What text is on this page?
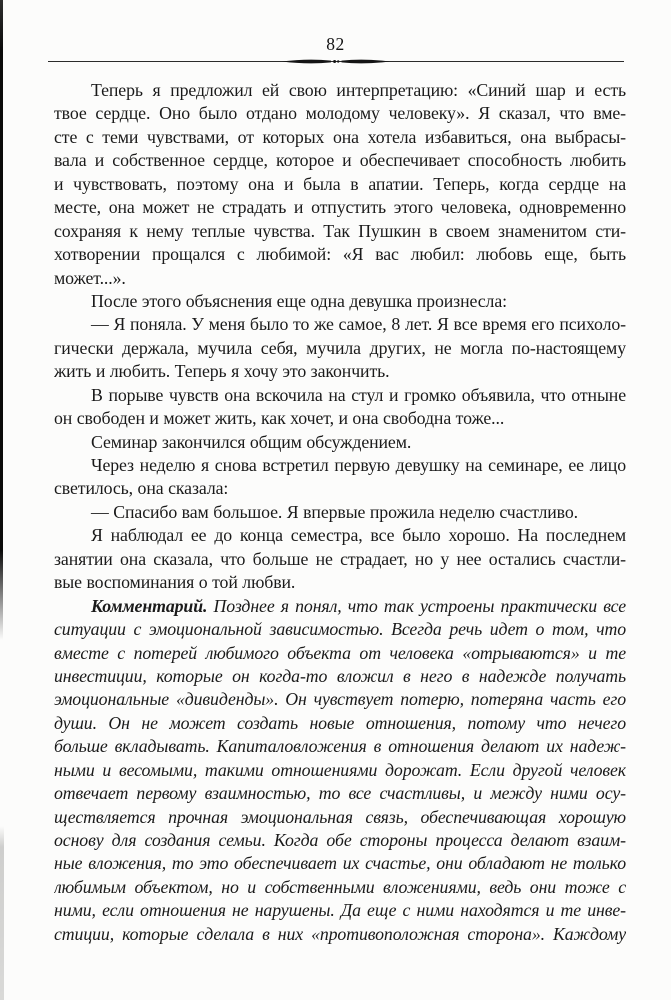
82
Теперь я предложил ей свою интерпретацию: «Синий шар и есть
твое сердце. Оно было отдано молодому человеку». Я сказал, что вме-
сте с теми чувствами, от которых она хотела избавиться, она выбрасы-
вала и собственное сердце, которое и обеспечивает способность любить
и чувствовать, поэтому она и была в апатии. Теперь, когда сердце на
месте, она может не страдать и отпустить этого человека, одновременно
сохраняя к нему теплые чувства. Так Пушкин в своем знаменитом сти-
хотворении прощался с любимой: «Я вас любил: любовь еще, быть
может...».
После этого объяснения еще одна девушка произнесла:
— Я поняла. У меня было то же самое, 8 лет. Я все время его психоло-
гически держала, мучила себя, мучила других, не могла по-настоящему
жить и любить. Теперь я хочу это закончить.
В порыве чувств она вскочила на стул и громко объявила, что отныне
он свободен и может жить, как хочет, и она свободна тоже...
Семинар закончился общим обсуждением.
Через неделю я снова встретил первую девушку на семинаре, ее лицо
светилось, она сказала:
— Спасибо вам большое. Я впервые прожила неделю счастливо.
Я наблюдал ее до конца семестра, все было хорошо. На последнем
занятии она сказала, что больше не страдает, но у нее остались счастли-
вые воспоминания о той любви.
Комментарий. Позднее я понял, что так устроены практически все
ситуации с эмоциональной зависимостью. Всегда речь идет о том, что
вместе с потерей любимого объекта от человека «отрываются» и те
инвестиции, которые он когда-то вложил в него в надежде получать
эмоциональные «дивиденды». Он чувствует потерю, потеряна часть его
души. Он не может создать новые отношения, потому что нечего
больше вкладывать. Капиталовложения в отношения делают их надеж-
ными и весомыми, такими отношениями дорожат. Если другой человек
отвечает первому взаимностью, то все счастливы, и между ними осу-
ществляется прочная эмоциональная связь, обеспечивающая хорошую
основу для создания семьи. Когда обе стороны процесса делают взаим-
ные вложения, то это обеспечивает их счастье, они обладают не только
любимым объектом, но и собственными вложениями, ведь они тоже с
ними, если отношения не нарушены. Да еще с ними находятся и те инве-
стиции, которые сделала в них «противоположная сторона». Каждому
